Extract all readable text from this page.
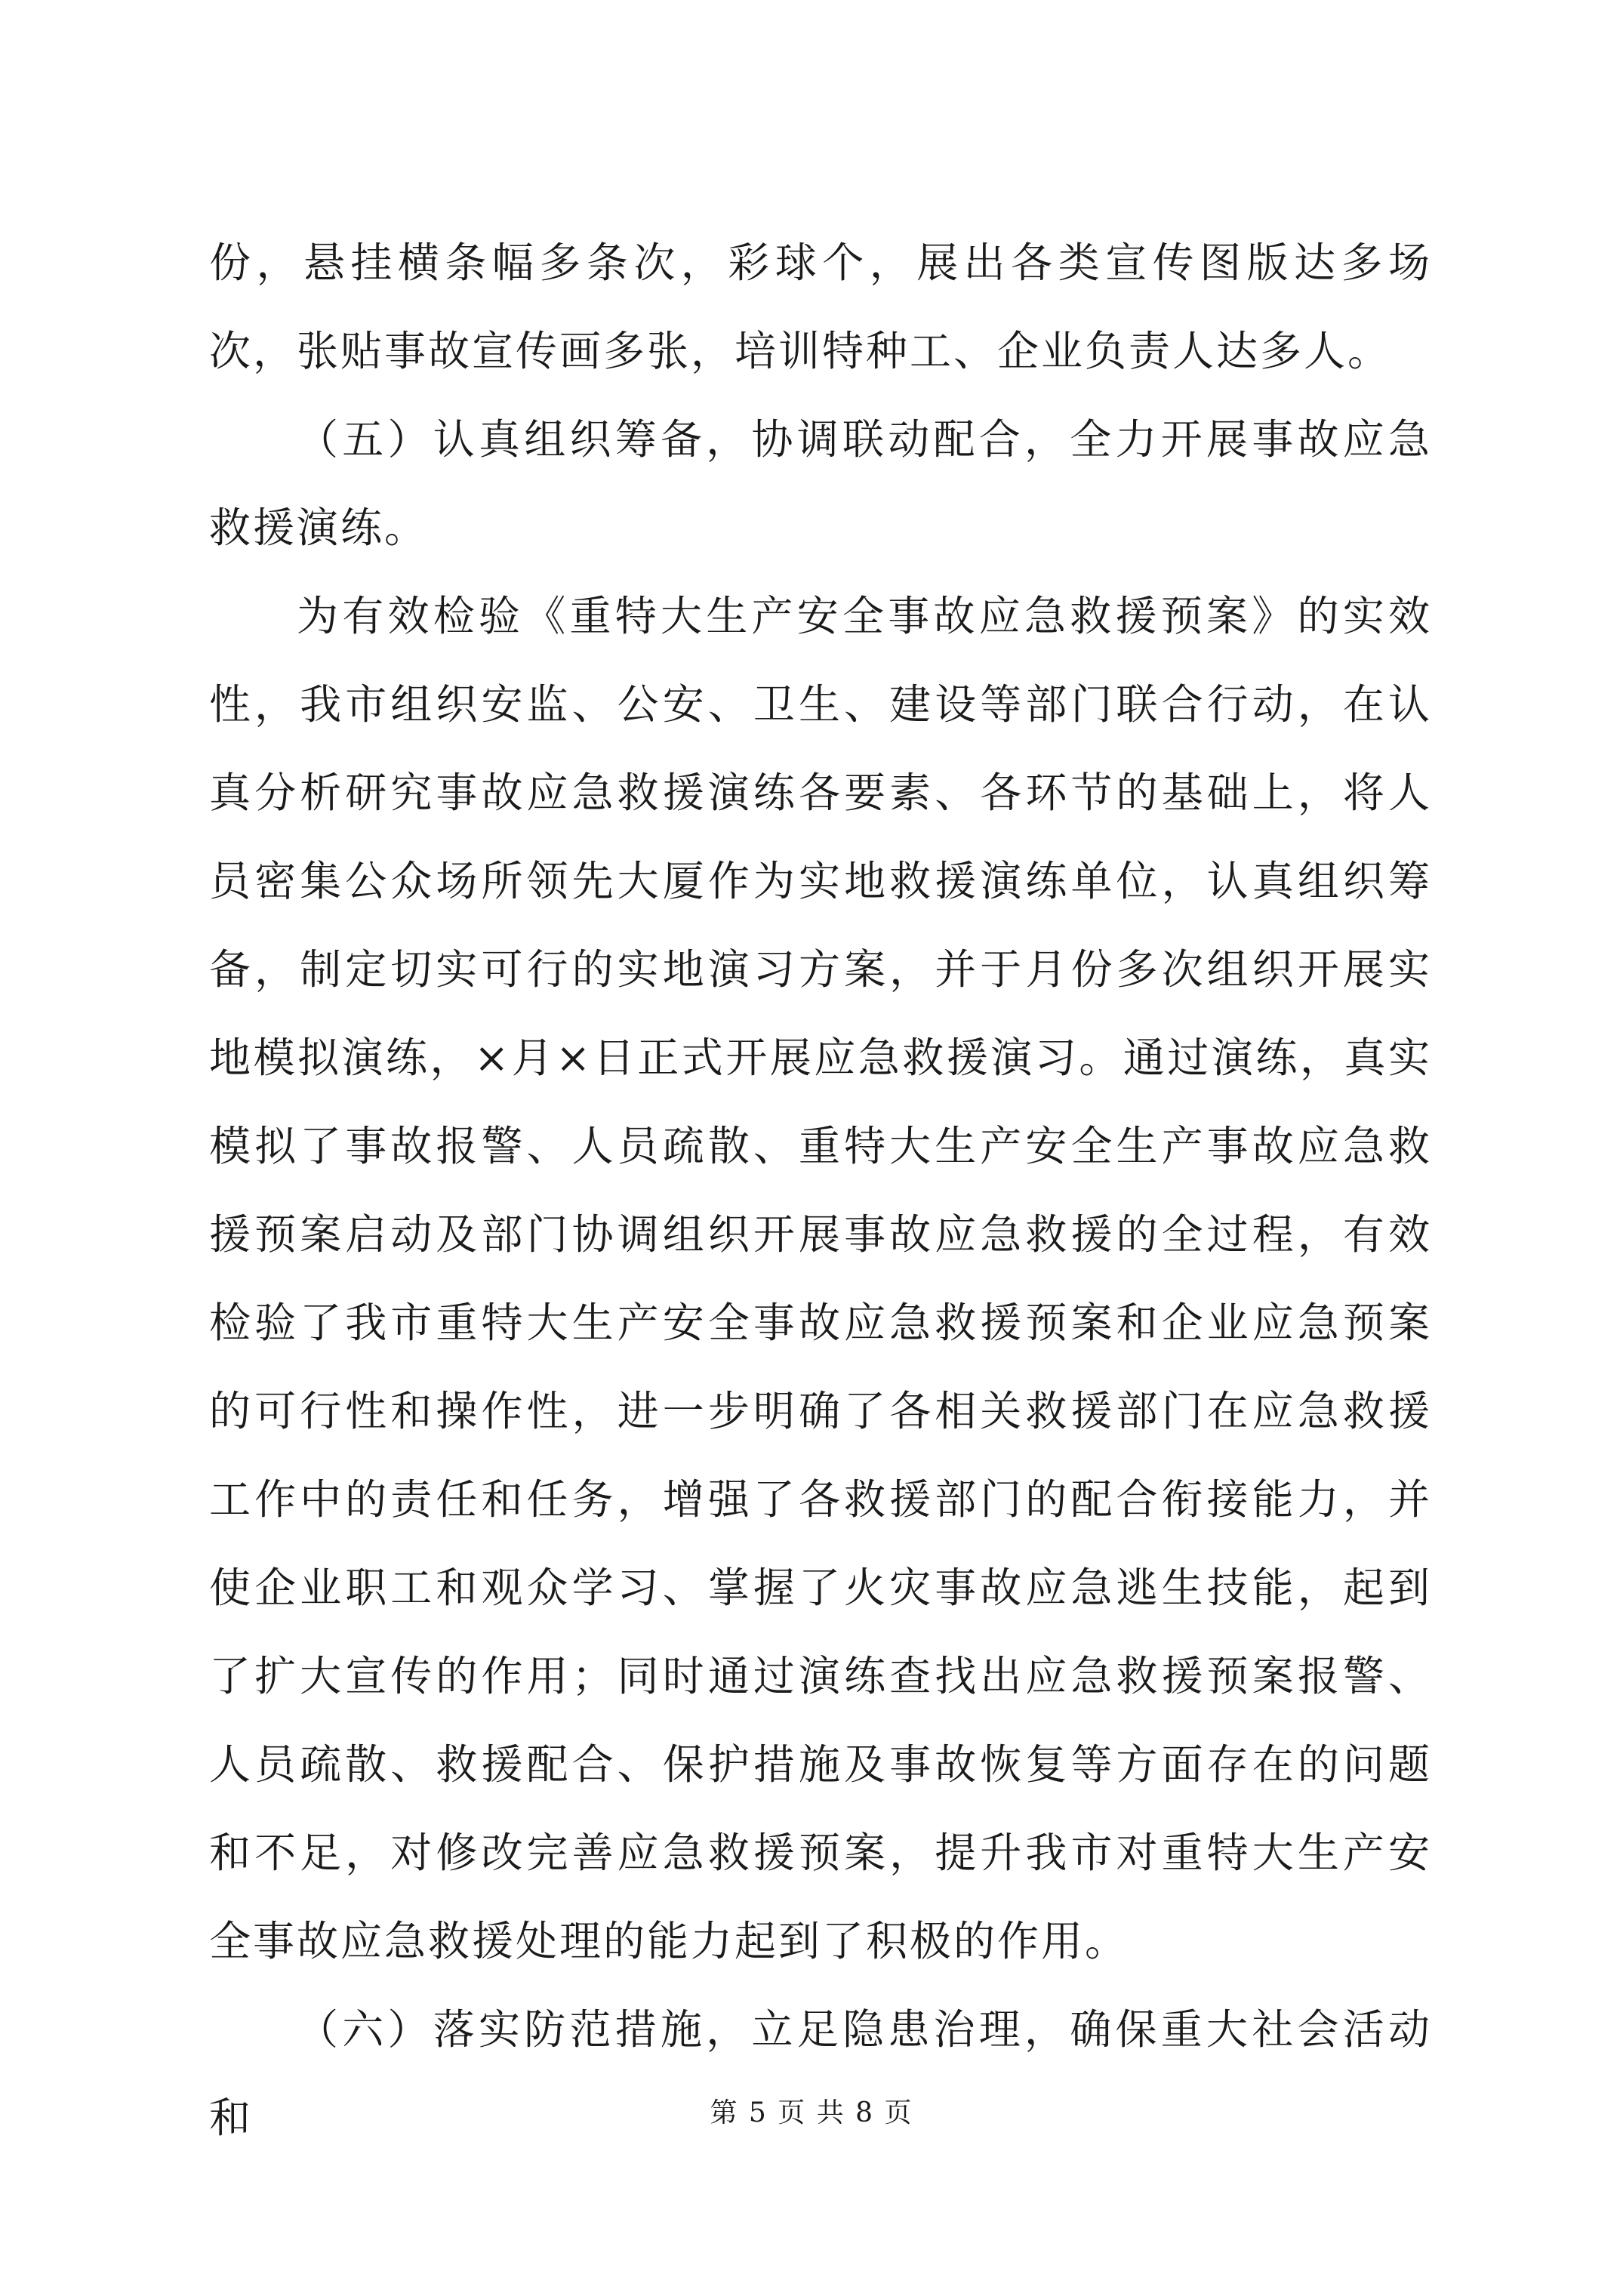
份，悬挂横条幅多条次，彩球个，展出各类宣传图版达多场次，张贴事故宣传画多张，培训特种工、企业负责人达多人。

（五）认真组织筹备，协调联动配合，全力开展事故应急救援演练。

为有效检验《重特大生产安全事故应急救援预案》的实效性，我市组织安监、公安、卫生、建设等部门联合行动，在认真分析研究事故应急救援演练各要素、各环节的基础上，将人员密集公众场所领先大厦作为实地救援演练单位，认真组织筹备，制定切实可行的实地演习方案，并于月份多次组织开展实地模拟演练，×月×日正式开展应急救援演习。通过演练，真实模拟了事故报警、人员疏散、重特大生产安全生产事故应急救援预案启动及部门协调组织开展事故应急救援的全过程，有效检验了我市重特大生产安全事故应急救援预案和企业应急预案的可行性和操作性，进一步明确了各相关救援部门在应急救援工作中的责任和任务，增强了各救援部门的配合衔接能力，并使企业职工和观众学习、掌握了火灾事故应急逃生技能，起到了扩大宣传的作用；同时通过演练查找出应急救援预案报警、人员疏散、救援配合、保护措施及事故恢复等方面存在的问题和不足，对修改完善应急救援预案，提升我市对重特大生产安全事故应急救援处理的能力起到了积极的作用。

（六）落实防范措施，立足隐患治理，确保重大社会活动和	第 5 页 共 8 页
